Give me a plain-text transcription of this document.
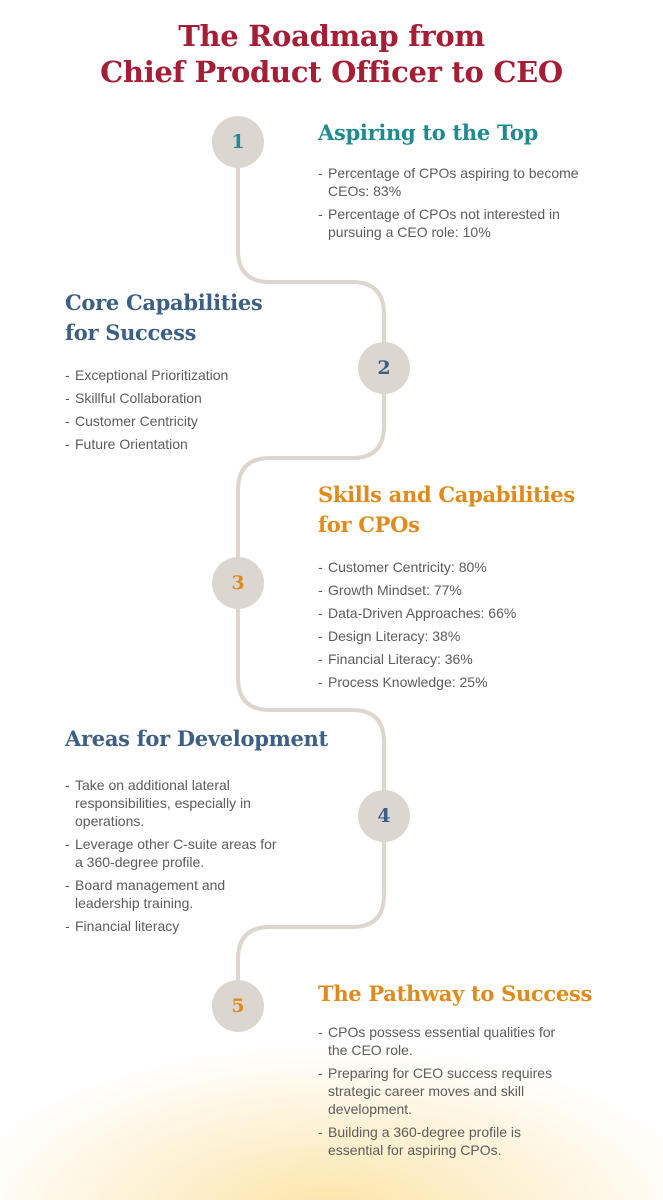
The Roadmap from
Chief Product Officer to CEO
1
2
3
4
5
Aspiring to the Top
- Percentage of CPOs aspiring to become CEOs: 83%
- Percentage of CPOs not interested in pursuing a CEO role: 10%
Core Capabilities
for Success
- Exceptional Prioritization
- Skillful Collaboration
- Customer Centricity
- Future Orientation
Skills and Capabilities
for CPOs
- Customer Centricity: 80%
- Growth Mindset: 77%
- Data-Driven Approaches: 66%
- Design Literacy: 38%
- Financial Literacy: 36%
- Process Knowledge: 25%
Areas for Development
- Take on additional lateral responsibilities, especially in operations.
- Leverage other C-suite areas for a 360-degree profile.
- Board management and leadership training.
- Financial literacy
The Pathway to Success
- CPOs possess essential qualities for the CEO role.
- Preparing for CEO success requires strategic career moves and skill development.
- Building a 360-degree profile is essential for aspiring CPOs.
